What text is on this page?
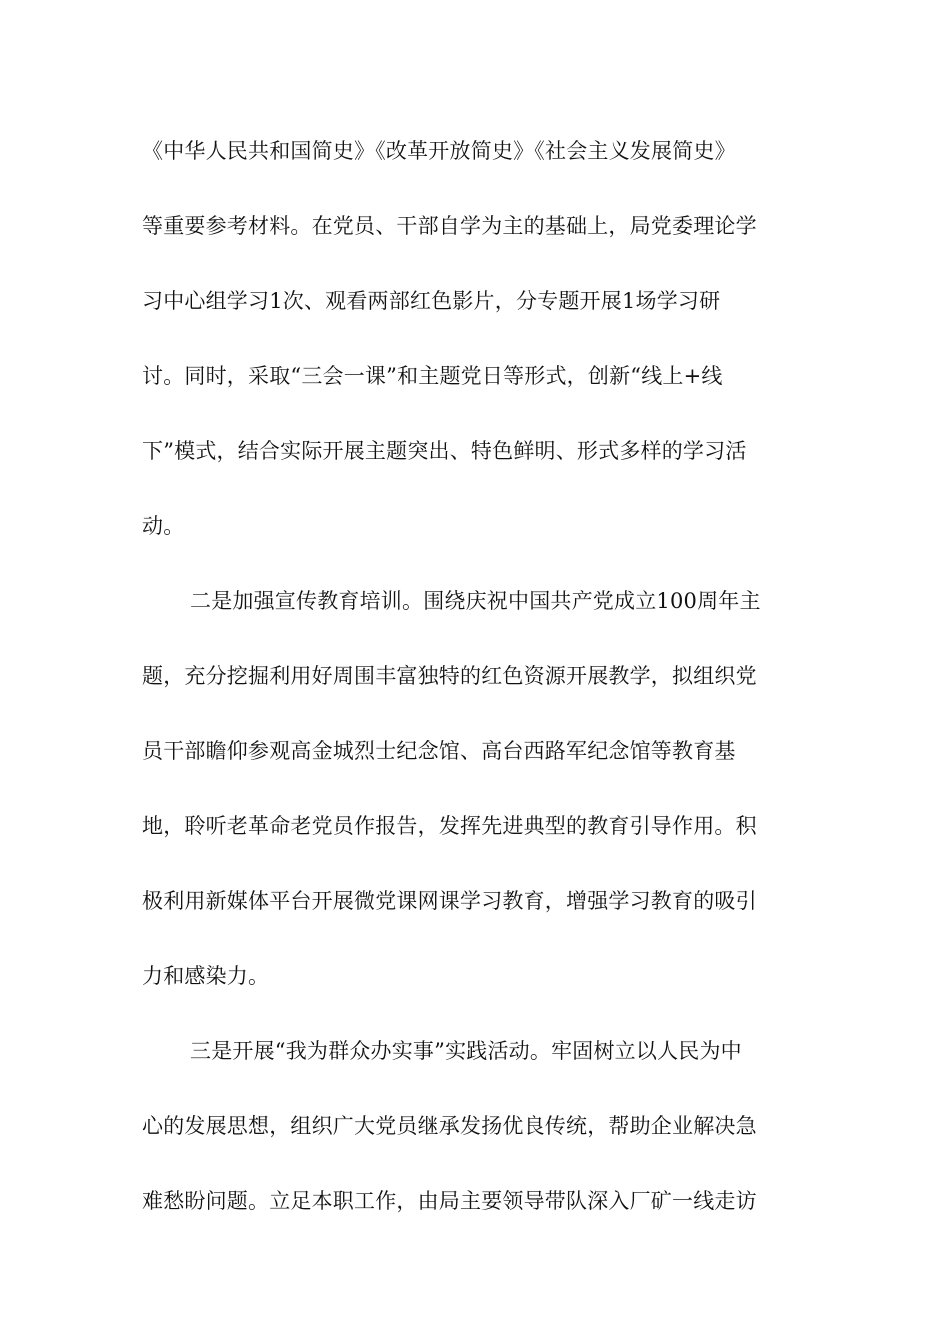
《中华人民共和国简史》《改革开放简史》《社会主义发展简史》
等重要参考材料。在党员、干部自学为主的基础上，局党委理论学
习中心组学习1次、观看两部红色影片，分专题开展1场学习研
讨。同时，采取“三会一课”和主题党日等形式，创新“线上+线
下”模式，结合实际开展主题突出、特色鲜明、形式多样的学习活
动。
二是加强宣传教育培训。围绕庆祝中国共产党成立100周年主
题，充分挖掘利用好周围丰富独特的红色资源开展教学，拟组织党
员干部瞻仰参观高金城烈士纪念馆、高台西路军纪念馆等教育基
地，聆听老革命老党员作报告，发挥先进典型的教育引导作用。积
极利用新媒体平台开展微党课网课学习教育，增强学习教育的吸引
力和感染力。
三是开展“我为群众办实事”实践活动。牢固树立以人民为中
心的发展思想，组织广大党员继承发扬优良传统，帮助企业解决急
难愁盼问题。立足本职工作，由局主要领导带队深入厂矿一线走访
